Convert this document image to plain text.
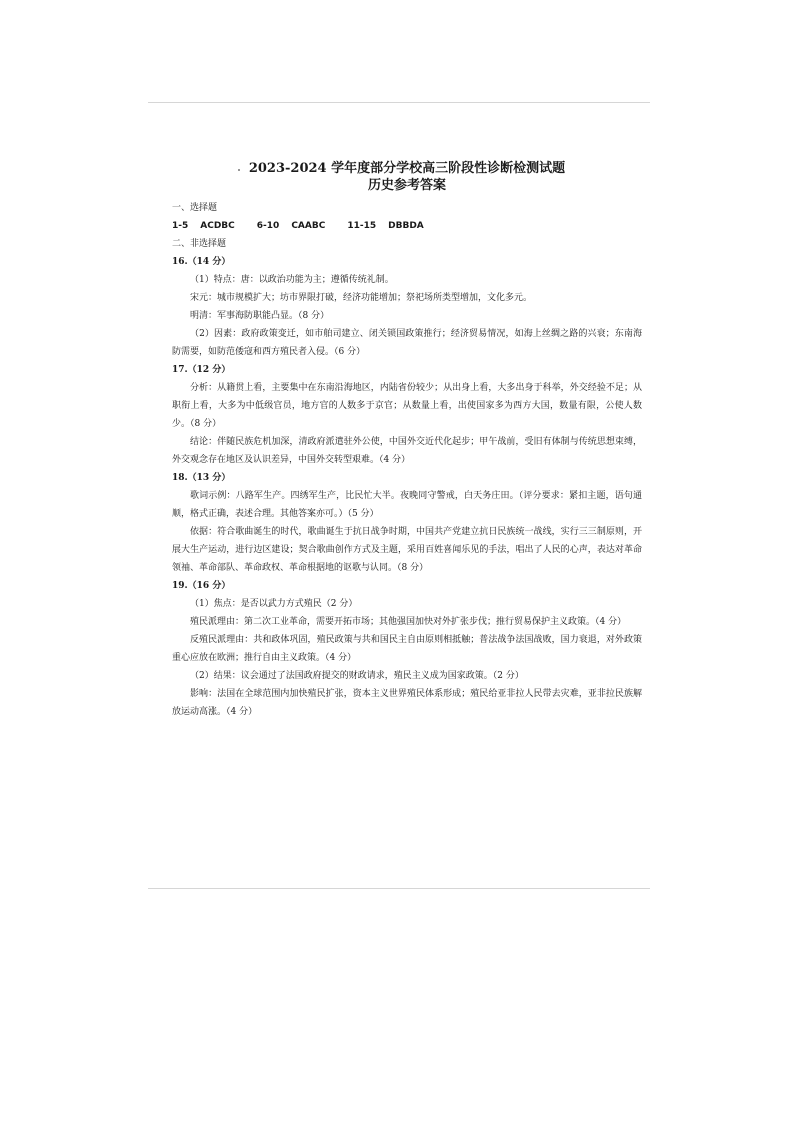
2023-2024 学年度部分学校高三阶段性诊断检测试题

历史参考答案

一、选择题

1-5 ACDBC 6-10 CAABC 11-15 DBBDA

二、非选择题

16.（14 分）

（1）特点：唐：以政治功能为主；遵循传统礼制。

宋元：城市规模扩大；坊市界限打破，经济功能增加；祭祀场所类型增加，文化多元。

明清：军事海防职能凸显。（8 分）

（2）因素：政府政策变迁，如市舶司建立、闭关锁国政策推行；经济贸易情况，如海上丝绸之路的兴衰；东南海防需要，如防范倭寇和西方殖民者入侵。（6 分）

17.（12 分）

分析：从籍贯上看，主要集中在东南沿海地区，内陆省份较少；从出身上看，大多出身于科举，外交经验不足；从职衔上看，大多为中低级官员，地方官的人数多于京官；从数量上看，出使国家多为西方大国，数量有限，公使人数少。（8 分）

结论：伴随民族危机加深，清政府派遣驻外公使，中国外交近代化起步；甲午战前，受旧有体制与传统思想束缚，外交观念存在地区及认识差异，中国外交转型艰难。（4 分）

18.（13 分）

歌词示例：八路军生产。四绣军生产，比民忙大半。夜晚同守警戒，白天务庄田。（评分要求：紧扣主题，语句通顺，格式正确，表述合理。其他答案亦可。）（5 分）

依据：符合歌曲诞生的时代，歌曲诞生于抗日战争时期，中国共产党建立抗日民族统一战线，实行三三制原则，开展大生产运动，进行边区建设；契合歌曲创作方式及主题，采用百姓喜闻乐见的手法，唱出了人民的心声，表达对革命领袖、革命部队、革命政权、革命根据地的讴歌与认同。（8 分）

19.（16 分）

（1）焦点：是否以武力方式殖民（2 分）

殖民派理由：第二次工业革命，需要开拓市场；其他强国加快对外扩张步伐；推行贸易保护主义政策。（4 分）

反殖民派理由：共和政体巩固，殖民政策与共和国民主自由原则相抵触；普法战争法国战败，国力衰退，对外政策重心应放在欧洲；推行自由主义政策。（4 分）

（2）结果：议会通过了法国政府提交的财政请求，殖民主义成为国家政策。（2 分）

影响：法国在全球范围内加快殖民扩张，资本主义世界殖民体系形成；殖民给亚非拉人民带去灾难，亚非拉民族解放运动高涨。（4 分）
